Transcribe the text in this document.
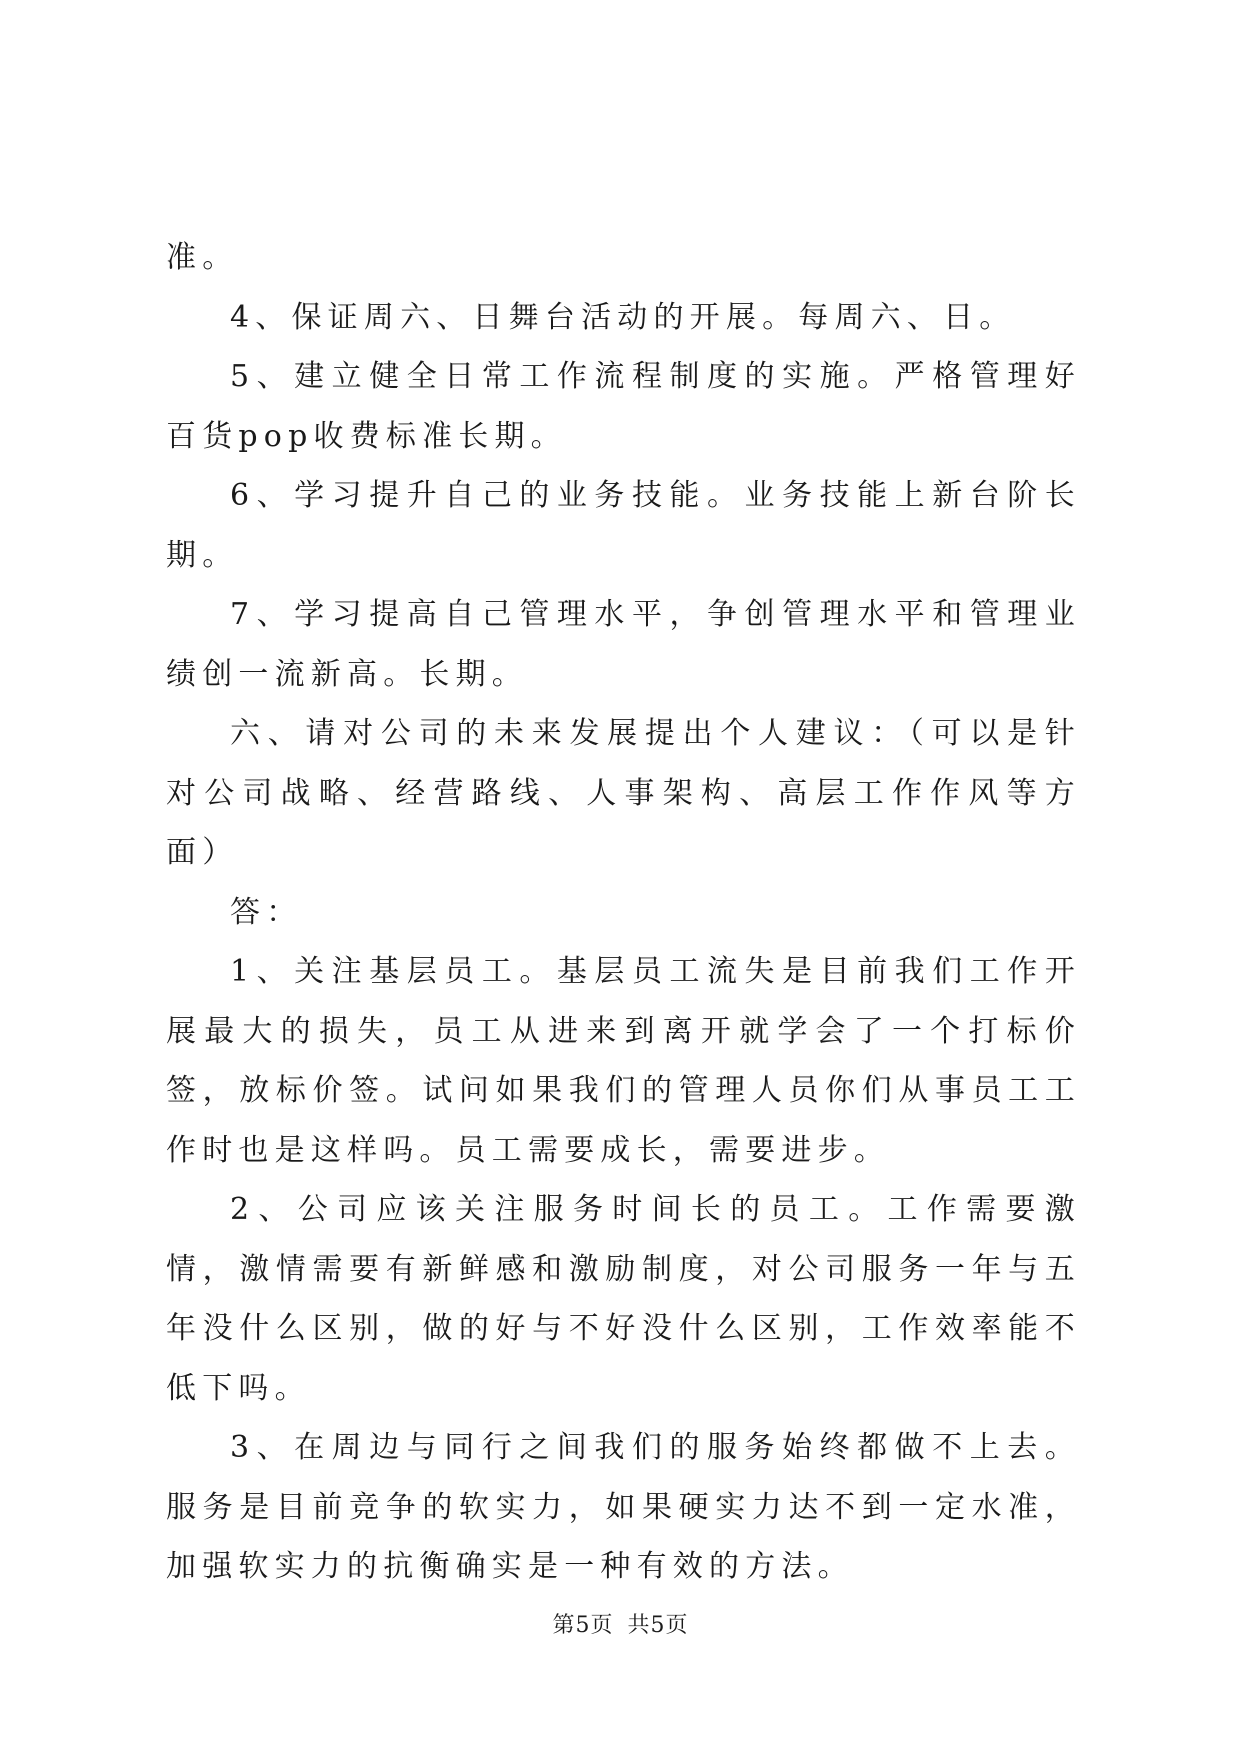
准。

4、保证周六、日舞台活动的开展。每周六、日。

5、建立健全日常工作流程制度的实施。严格管理好百货pop收费标准长期。

6、学习提升自己的业务技能。业务技能上新台阶长期。

7、学习提高自己管理水平，争创管理水平和管理业绩创一流新高。长期。

六、请对公司的未来发展提出个人建议：（可以是针对公司战略、经营路线、人事架构、高层工作作风等方面）

答：

1、关注基层员工。基层员工流失是目前我们工作开展最大的损失，员工从进来到离开就学会了一个打标价签，放标价签。试问如果我们的管理人员你们从事员工工作时也是这样吗。员工需要成长，需要进步。

2、公司应该关注服务时间长的员工。工作需要激情，激情需要有新鲜感和激励制度，对公司服务一年与五年没什么区别，做的好与不好没什么区别，工作效率能不低下吗。

3、在周边与同行之间我们的服务始终都做不上去。服务是目前竞争的软实力，如果硬实力达不到一定水准，加强软实力的抗衡确实是一种有效的方法。

第5页 共5页
